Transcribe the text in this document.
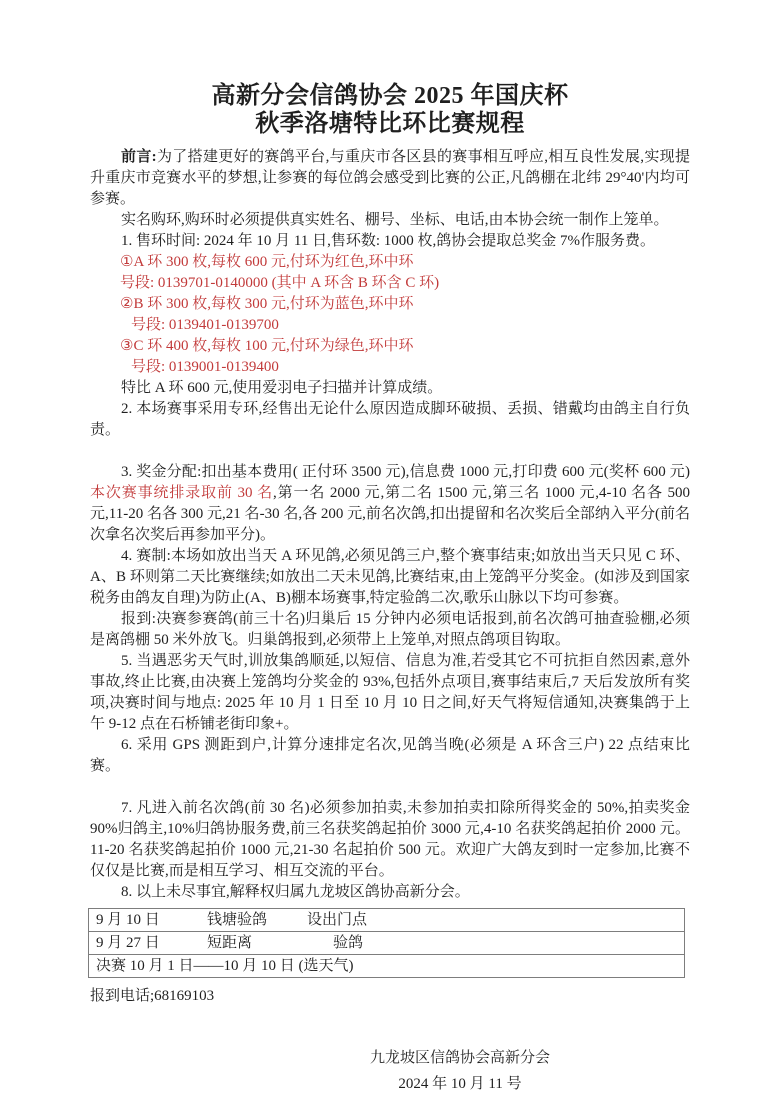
高新分会信鸽协会 2025 年国庆杯
秋季洛塘特比环比赛规程

前言:为了搭建更好的赛鸽平台,与重庆市各区县的赛事相互呼应,相互良性发展,实现提升重庆市竞赛水平的梦想,让参赛的每位鸽会感受到比赛的公正,凡鸽棚在北纬 29°40'内均可参赛。

实名购环,购环时必须提供真实姓名、棚号、坐标、电话,由本协会统一制作上笼单。

1. 售环时间: 2024 年 10 月 11 日,售环数: 1000 枚,鸽协会提取总奖金 7%作服务费。

①A 环 300 枚,每枚 600 元,付环为红色,环中环
号段: 0139701-0140000 (其中 A 环含 B 环含 C 环)
②B 环 300 枚,每枚 300 元,付环为蓝色,环中环
号段: 0139401-0139700
③C 环 400 枚,每枚 100 元,付环为绿色,环中环
号段: 0139001-0139400

特比 A 环 600 元,使用爱羽电子扫描并计算成绩。

2. 本场赛事采用专环,经售出无论什么原因造成脚环破损、丢损、错戴均由鸽主自行负责。

3. 奖金分配:扣出基本费用( 正付环 3500 元),信息费 1000 元,打印费 600 元(奖杯 600 元)本次赛事统排录取前 30 名,第一名 2000 元,第二名 1500 元,第三名 1000 元,4-10 名各 500 元,11-20 名各 300 元,21 名-30 名,各 200 元,前名次鸽,扣出提留和名次奖后全部纳入平分(前名次拿名次奖后再参加平分)。

4. 赛制:本场如放出当天 A 环见鸽,必须见鸽三户,整个赛事结束;如放出当天只见 C 环、A、B 环则第二天比赛继续;如放出二天未见鸽,比赛结束,由上笼鸽平分奖金。(如涉及到国家税务由鸽友自理)为防止(A、B)棚本场赛事,特定验鸽二次,歌乐山脉以下均可参赛。

报到:决赛参赛鸽(前三十名)归巢后 15 分钟内必须电话报到,前名次鸽可抽查验棚,必须是离鸽棚 50 米外放飞。归巢鸽报到,必须带上上笼单,对照点鸽项目钩取。

5. 当遇恶劣天气时,训放集鸽顺延,以短信、信息为准,若受其它不可抗拒自然因素,意外事故,终止比赛,由决赛上笼鸽均分奖金的 93%,包括外点项目,赛事结束后,7 天后发放所有奖项,决赛时间与地点: 2025 年 10 月 1 日至 10 月 10 日之间,好天气将短信通知,决赛集鸽于上午 9-12 点在石桥铺老街印象+。

6. 采用 GPS 测距到户,计算分速排定名次,见鸽当晚(必须是 A 环含三户) 22 点结束比赛。

7. 凡进入前名次鸽(前 30 名)必须参加拍卖,未参加拍卖扣除所得奖金的 50%,拍卖奖金 90%归鸽主,10%归鸽协服务费,前三名获奖鸽起拍价 3000 元,4-10 名获奖鸽起拍价 2000 元。11-20 名获奖鸽起拍价 1000 元,21-30 名起拍价 500 元。欢迎广大鸽友到时一定参加,比赛不仅仅是比赛,而是相互学习、相互交流的平台。

8. 以上未尽事宜,解释权归属九龙坡区鸽协高新分会。

9 月 10 日	钱塘验鸽	设出门点
9 月 27 日	短距离	验鸽
决赛 10 月 1 日——10 月 10 日 (选天气)

报到电话;68169103

九龙坡区信鸽协会高新分会
2024 年 10 月 11 号
